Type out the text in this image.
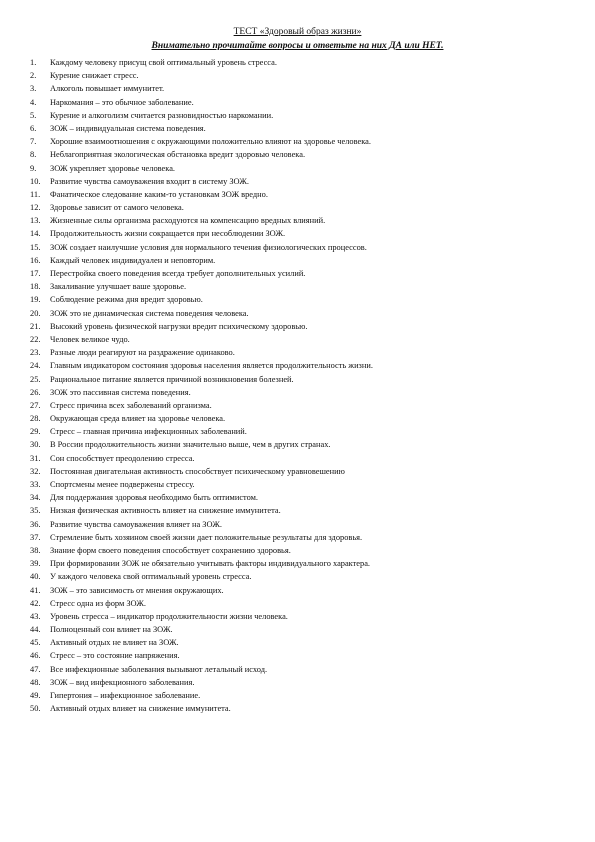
ТЕСТ «Здоровый образ жизни»
Внимательно прочитайте вопросы и ответьте на них ДА или НЕТ.
1.	Каждому человеку присущ свой оптимальный уровень стресса.
2.	Курение снижает стресс.
3.	Алкоголь повышает иммунитет.
4.	Наркомания – это обычное заболевание.
5.	Курение и алкоголизм считается разновидностью наркомании.
6.	ЗОЖ – индивидуальная система поведения.
7.	Хорошие взаимоотношения с окружающими положительно влияют на здоровье человека.
8.	Неблагоприятная экологическая обстановка вредит здоровью человека.
9.	ЗОЖ укрепляет здоровье человека.
10.	Развитие чувства самоуважения входит в систему ЗОЖ.
11.	Фанатическое следование каким-то установкам ЗОЖ вредно.
12.	Здоровье зависит от самого человека.
13.	Жизненные силы организма расходуются на компенсацию вредных влияний.
14.	Продолжительность жизни сокращается при несоблюдении ЗОЖ.
15.	ЗОЖ создает наилучшие условия для нормального течения физиологических процессов.
16.	Каждый человек индивидуален и неповторим.
17.	Перестройка своего поведения всегда требует дополнительных усилий.
18.	Закаливание улучшает ваше здоровье.
19.	Соблюдение режима дня вредит здоровью.
20.	ЗОЖ это не динамическая система поведения человека.
21.	Высокий уровень физической нагрузки вредит психическому здоровью.
22.	Человек великое чудо.
23.	Разные люди реагируют на раздражение одинаково.
24.	Главным индикатором состояния здоровья населения является продолжительность жизни.
25.	Рациональное питание является причиной возникновения болезней.
26.	ЗОЖ это пассивная система поведения.
27.	Стресс причина всех заболеваний организма.
28.	Окружающая среда влияет на здоровье человека.
29.	Стресс – главная причина инфекционных заболеваний.
30.	В России продолжительность жизни значительно выше, чем в других странах.
31.	Сон способствует преодолению стресса.
32.	Постоянная двигательная активность способствует психическому уравновешению
33.	Спортсмены менее подвержены стрессу.
34.	Для поддержания здоровья необходимо быть оптимистом.
35.	Низкая физическая активность влияет на снижение иммунитета.
36.	Развитие чувства самоуважения влияет на ЗОЖ.
37.	Стремление быть хозяином своей жизни дает положительные результаты для здоровья.
38.	Знание форм своего поведения способствует сохранению здоровья.
39.	При формировании ЗОЖ не обязательно учитывать факторы индивидуального характера.
40.	У каждого человека свой оптимальный уровень стресса.
41.	ЗОЖ – это зависимость от мнения окружающих.
42.	Стресс одна из форм ЗОЖ.
43.	Уровень стресса – индикатор продолжительности жизни человека.
44.	Полноценный сон влияет на ЗОЖ.
45.	Активный отдых не влияет на ЗОЖ.
46.	Стресс – это состояние напряжения.
47.	Все инфекционные заболевания вызывают летальный исход.
48.	ЗОЖ – вид инфекционного заболевания.
49.	Гипертония – инфекционное заболевание.
50.	Активный отдых влияет на снижение иммунитета.
